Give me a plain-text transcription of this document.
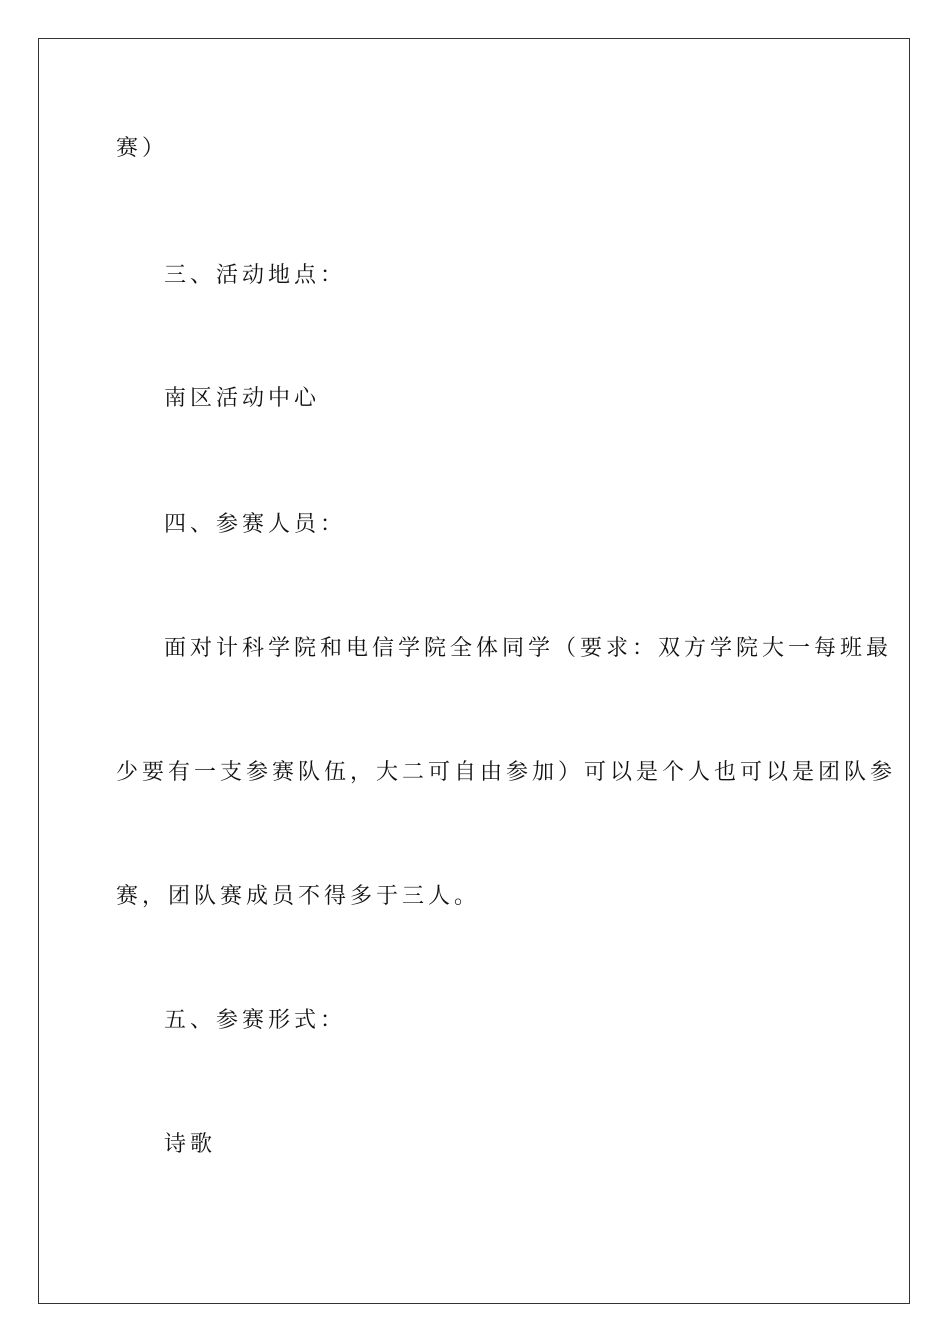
赛）
三、活动地点：
南区活动中心
四、参赛人员：
面对计科学院和电信学院全体同学（要求：双方学院大一每班最
少要有一支参赛队伍，大二可自由参加）可以是个人也可以是团队参
赛，团队赛成员不得多于三人。
五、参赛形式：
诗歌
